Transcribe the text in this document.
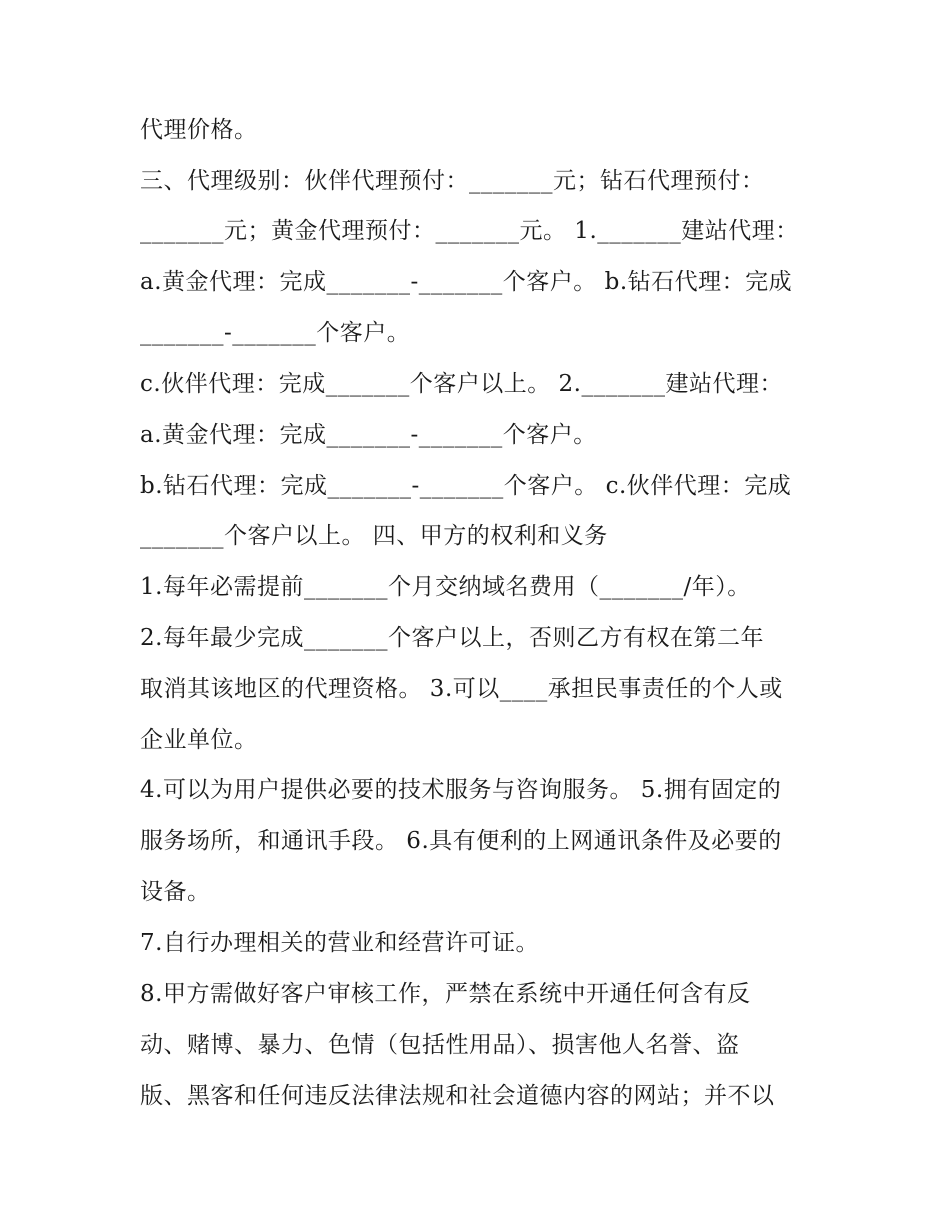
代理价格。
三、代理级别：伙伴代理预付：_______元；钻石代理预付：
_______元；黄金代理预付：_______元。 1._______建站代理：
a.黄金代理：完成_______-_______个客户。 b.钻石代理：完成
_______-_______个客户。
c.伙伴代理：完成_______个客户以上。 2._______建站代理：
a.黄金代理：完成_______-_______个客户。
b.钻石代理：完成_______-_______个客户。 c.伙伴代理：完成
_______个客户以上。 四、甲方的权利和义务
1.每年必需提前_______个月交纳域名费用（_______/年）。
2.每年最少完成_______个客户以上，否则乙方有权在第二年
取消其该地区的代理资格。 3.可以____承担民事责任的个人或
企业单位。
4.可以为用户提供必要的技术服务与咨询服务。 5.拥有固定的
服务场所，和通讯手段。 6.具有便利的上网通讯条件及必要的
设备。
7.自行办理相关的营业和经营许可证。
8.甲方需做好客户审核工作，严禁在系统中开通任何含有反
动、赌博、暴力、色情（包括性用品）、损害他人名誉、盗
版、黑客和任何违反法律法规和社会道德内容的网站；并不以
